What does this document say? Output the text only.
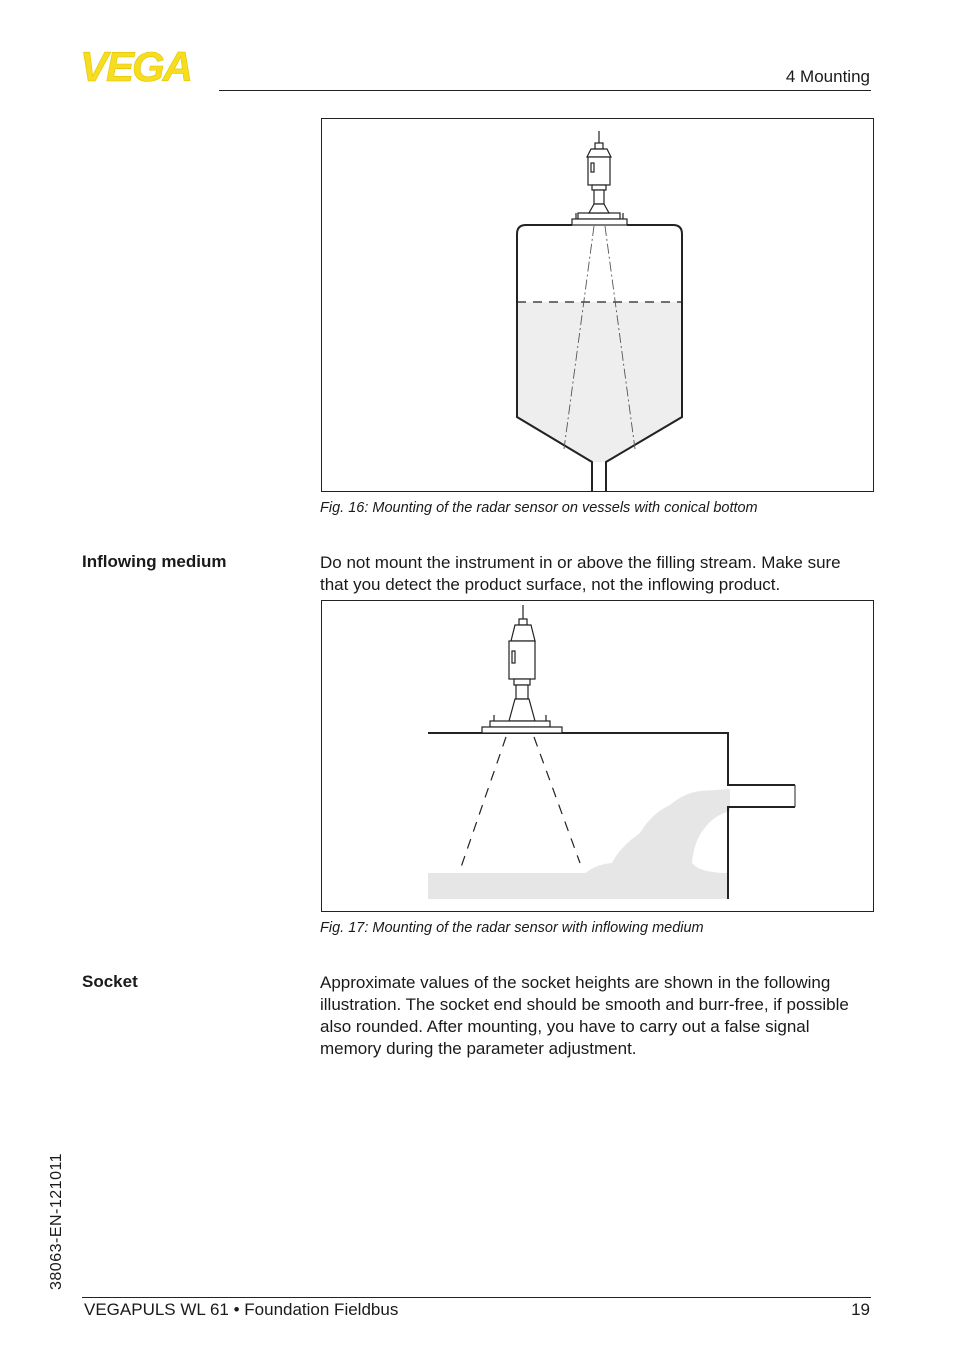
VEGA	4 Mounting
Fig. 16: Mounting of the radar sensor on vessels with conical bottom
Inflowing medium	Do not mount the instrument in or above the filling stream. Make sure that you detect the product surface, not the inflowing product.

Fig. 17: Mounting of the radar sensor with inflowing medium
Socket	Approximate values of the socket heights are shown in the following illustration. The socket end should be smooth and burr-free, if possible also rounded. After mounting, you have to carry out a false signal memory during the parameter adjustment.

38063-EN-121011
VEGAPULS WL 61 • Foundation Fieldbus	19
